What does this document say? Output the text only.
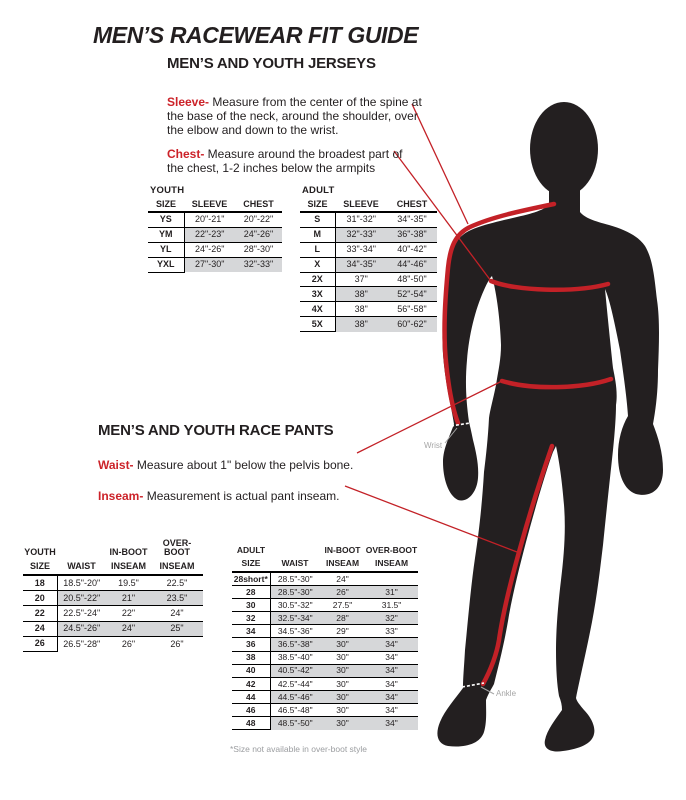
MEN’S RACEWEAR FIT GUIDE
MEN’S AND YOUTH JERSEYS

Sleeve- Measure from the center of the spine at the base of the neck, around the shoulder, over the elbow and down to the wrist.

Chest- Measure around the broadest part of the chest, 1-2 inches below the armpits

MEN’S AND YOUTH RACE PANTS

Waist- Measure about 1" below the pelvis bone.

Inseam- Measurement is actual pant inseam.

YOUTH
SIZE	SLEEVE	CHEST
YS	20"-21"	20"-22"
YM	22"-23"	24"-26"
YL	24"-26"	28"-30"
YXL	27"-30"	32"-33"
ADULT
SIZE	SLEEVE	CHEST
S	31"-32"	34"-35"
M	32"-33"	36"-38"
L	33"-34"	40"-42"
X	34"-35"	44"-46"
2X	37"	48"-50"
3X	38"	52"-54"
4X	38"	56"-58"
5X	38"	60"-62"
YOUTH		IN-BOOT	OVER-BOOT
SIZE	WAIST	INSEAM	INSEAM
18	18.5"-20"	19.5"	22.5"
20	20.5"-22"	21"	23.5"
22	22.5"-24"	22"	24"
24	24.5"-26"	24"	25"
26	26.5"-28"	26"	26"
ADULT		IN-BOOT	OVER-BOOT
SIZE	WAIST	INSEAM	INSEAM
28short*	28.5"-30"	24"	
28	28.5"-30"	26"	31"
30	30.5"-32"	27.5"	31.5"
32	32.5"-34"	28"	32"
34	34.5"-36"	29"	33"
36	36.5"-38"	30"	34"
38	38.5"-40"	30"	34"
40	40.5"-42"	30"	34"
42	42.5"-44"	30"	34"
44	44.5"-46"	30"	34"
46	46.5"-48"	30"	34"
48	48.5"-50"	30"	34"
*Size not available in over-boot style
Wrist
Ankle
